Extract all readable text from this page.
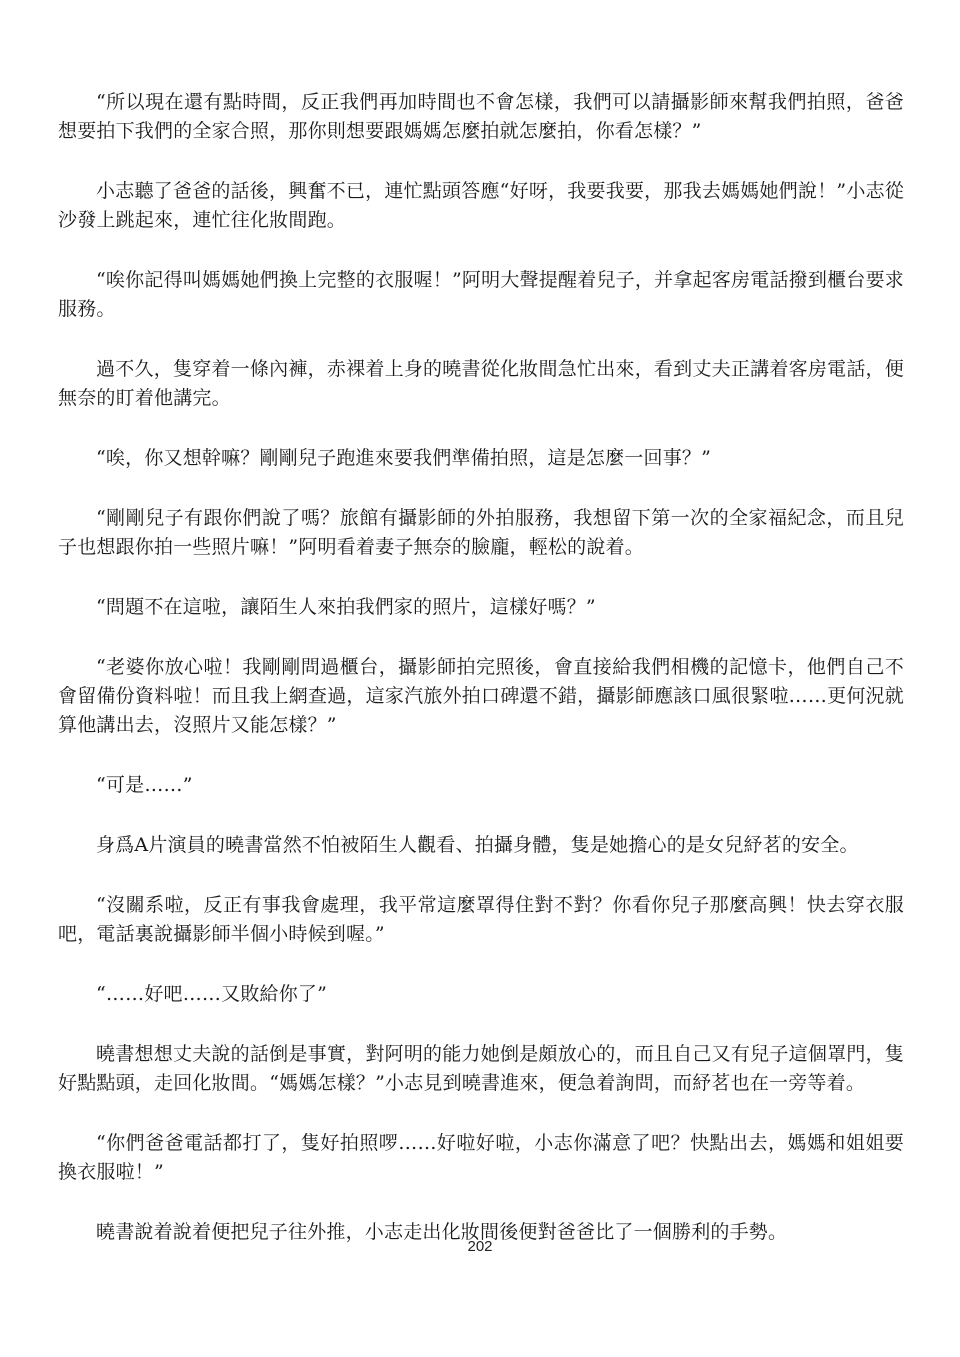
“所以現在還有點時間，反正我們再加時間也不會怎樣，我們可以請攝影師來幫我們拍照，爸爸想要拍下我們的全家合照，那你則想要跟媽媽怎麼拍就怎麼拍，你看怎樣？”

小志聽了爸爸的話後，興奮不已，連忙點頭答應“好呀，我要我要，那我去媽媽她們說！”小志從沙發上跳起來，連忙往化妝間跑。

“唉你記得叫媽媽她們換上完整的衣服喔！”阿明大聲提醒着兒子，并拿起客房電話撥到櫃台要求服務。

過不久，隻穿着一條內褲，赤裸着上身的曉書從化妝間急忙出來，看到丈夫正講着客房電話，便無奈的盯着他講完。

“唉，你又想幹嘛？剛剛兒子跑進來要我們準備拍照，這是怎麼一回事？”

“剛剛兒子有跟你們說了嗎？旅館有攝影師的外拍服務，我想留下第一次的全家福紀念，而且兒子也想跟你拍一些照片嘛！”阿明看着妻子無奈的臉龐，輕松的說着。

“問題不在這啦，讓陌生人來拍我們家的照片，這樣好嗎？”

“老婆你放心啦！我剛剛問過櫃台，攝影師拍完照後，會直接給我們相機的記憶卡，他們自己不會留備份資料啦！而且我上網查過，這家汽旅外拍口碑還不錯，攝影師應該口風很緊啦……更何況就算他講出去，沒照片又能怎樣？”

“可是……”

身爲A片演員的曉書當然不怕被陌生人觀看、拍攝身體，隻是她擔心的是女兒紓茗的安全。

“沒關系啦，反正有事我會處理，我平常這麼罩得住對不對？你看你兒子那麼高興！快去穿衣服吧，電話裏說攝影師半個小時候到喔。”

“……好吧……又敗給你了”

曉書想想丈夫說的話倒是事實，對阿明的能力她倒是頗放心的，而且自己又有兒子這個罩門，隻好點點頭，走回化妝間。“媽媽怎樣？”小志見到曉書進來，便急着詢問，而紓茗也在一旁等着。

“你們爸爸電話都打了，隻好拍照啰……好啦好啦，小志你滿意了吧？快點出去，媽媽和姐姐要換衣服啦！”

曉書說着說着便把兒子往外推，小志走出化妝間後便對爸爸比了一個勝利的手勢。

202
